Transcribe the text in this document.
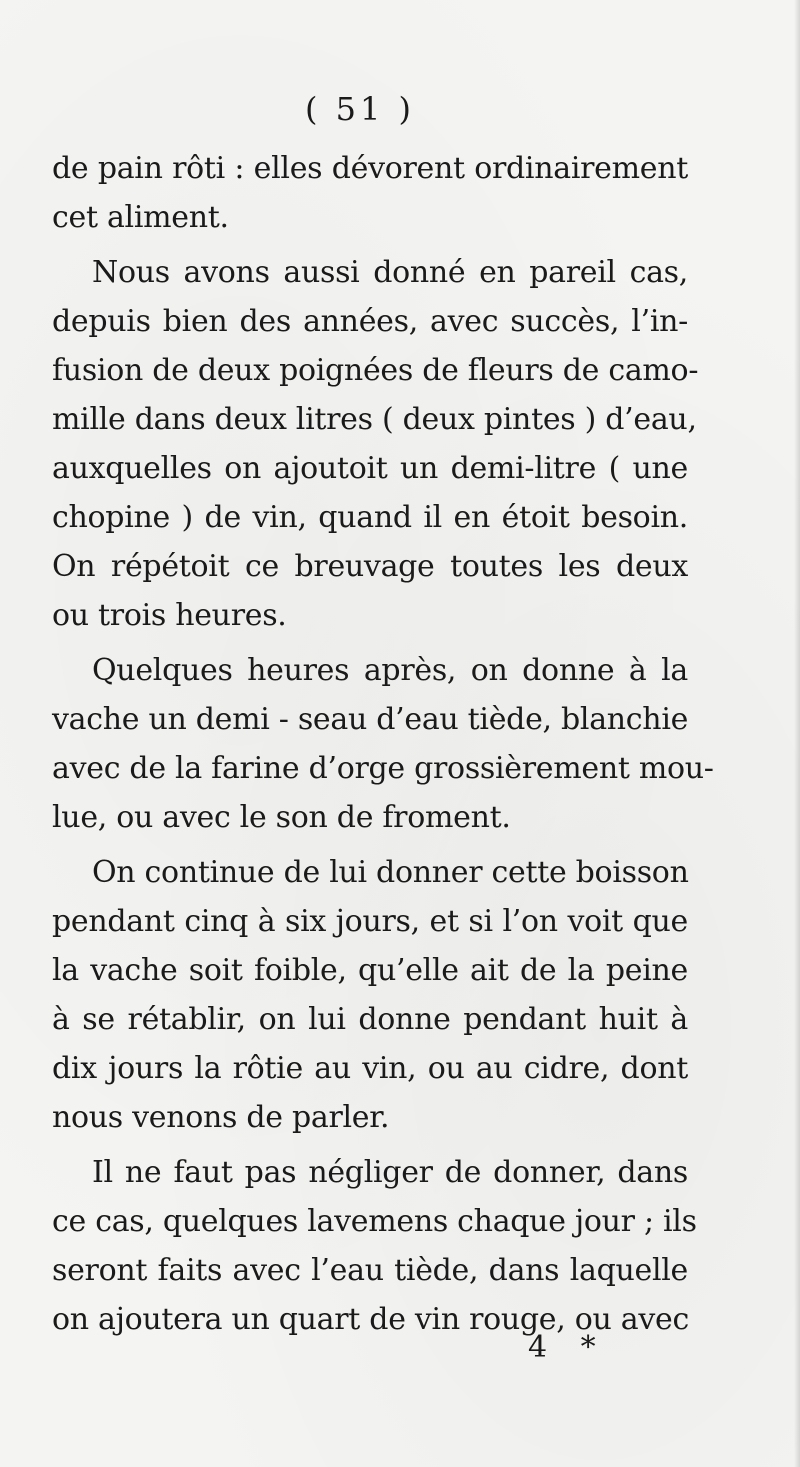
( 51 )
de pain rôti : elles dévorent ordinairement
cet aliment.
Nous avons aussi donné en pareil cas,
depuis bien des années, avec succès, l’in-
fusion de deux poignées de fleurs de camo-
mille dans deux litres ( deux pintes ) d’eau,
auxquelles on ajoutoit un demi-litre ( une
chopine ) de vin, quand il en étoit besoin.
On répétoit ce breuvage toutes les deux
ou trois heures.
Quelques heures après, on donne à la
vache un demi - seau d’eau tiède, blanchie
avec de la farine d’orge grossièrement mou-
lue, ou avec le son de froment.
On continue de lui donner cette boisson
pendant cinq à six jours, et si l’on voit que
la vache soit foible, qu’elle ait de la peine
à se rétablir, on lui donne pendant huit à
dix jours la rôtie au vin, ou au cidre, dont
nous venons de parler.
Il ne faut pas négliger de donner, dans
ce cas, quelques lavemens chaque jour ; ils
seront faits avec l’eau tiède, dans laquelle
on ajoutera un quart de vin rouge, ou avec
4 *
